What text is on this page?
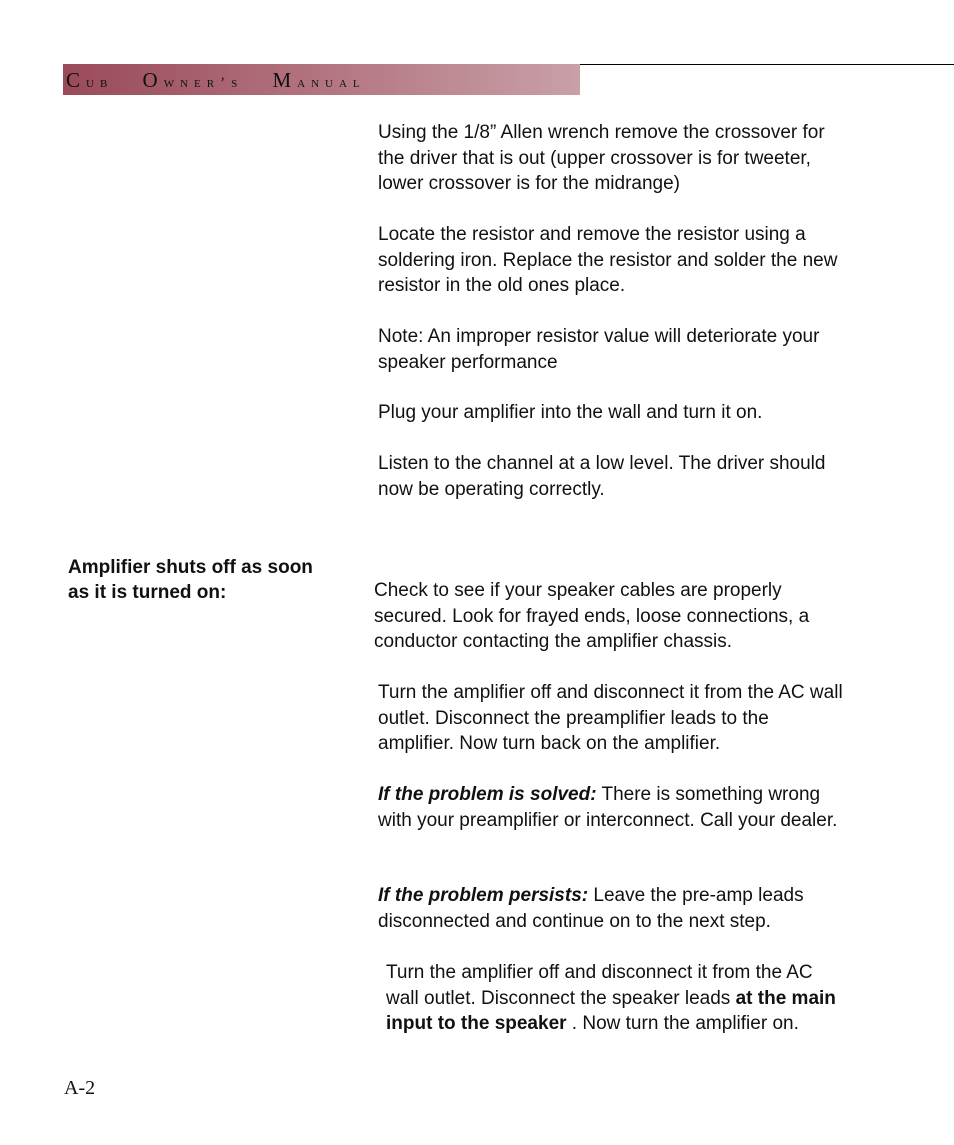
Cub Owner’s Manual

Using the 1/8” Allen wrench remove the crossover for the driver that is out (upper crossover is for tweeter, lower crossover is for the midrange)

Locate the resistor and remove the resistor using a soldering iron. Replace the resistor and solder the new resistor in the old ones place.

Note: An improper resistor value will deteriorate your speaker performance

Plug your amplifier into the wall and turn it on.

Listen to the channel at a low level. The driver should now be operating correctly.

Amplifier shuts off as soon
as it is turned on:	Check to see if your speaker cables are properly secured. Look for frayed ends, loose connections, a conductor contacting the amplifier chassis.

Turn the amplifier off and disconnect it from the AC wall outlet. Disconnect the preamplifier leads to the amplifier. Now turn back on the amplifier.

If the problem is solved: There is something wrong with your preamplifier or interconnect. Call your dealer.

If the problem persists: Leave the pre-amp leads disconnected and continue on to the next step.

Turn the amplifier off and disconnect it from the AC wall outlet. Disconnect the speaker leads at the main input to the speaker . Now turn the amplifier on.

A-2
